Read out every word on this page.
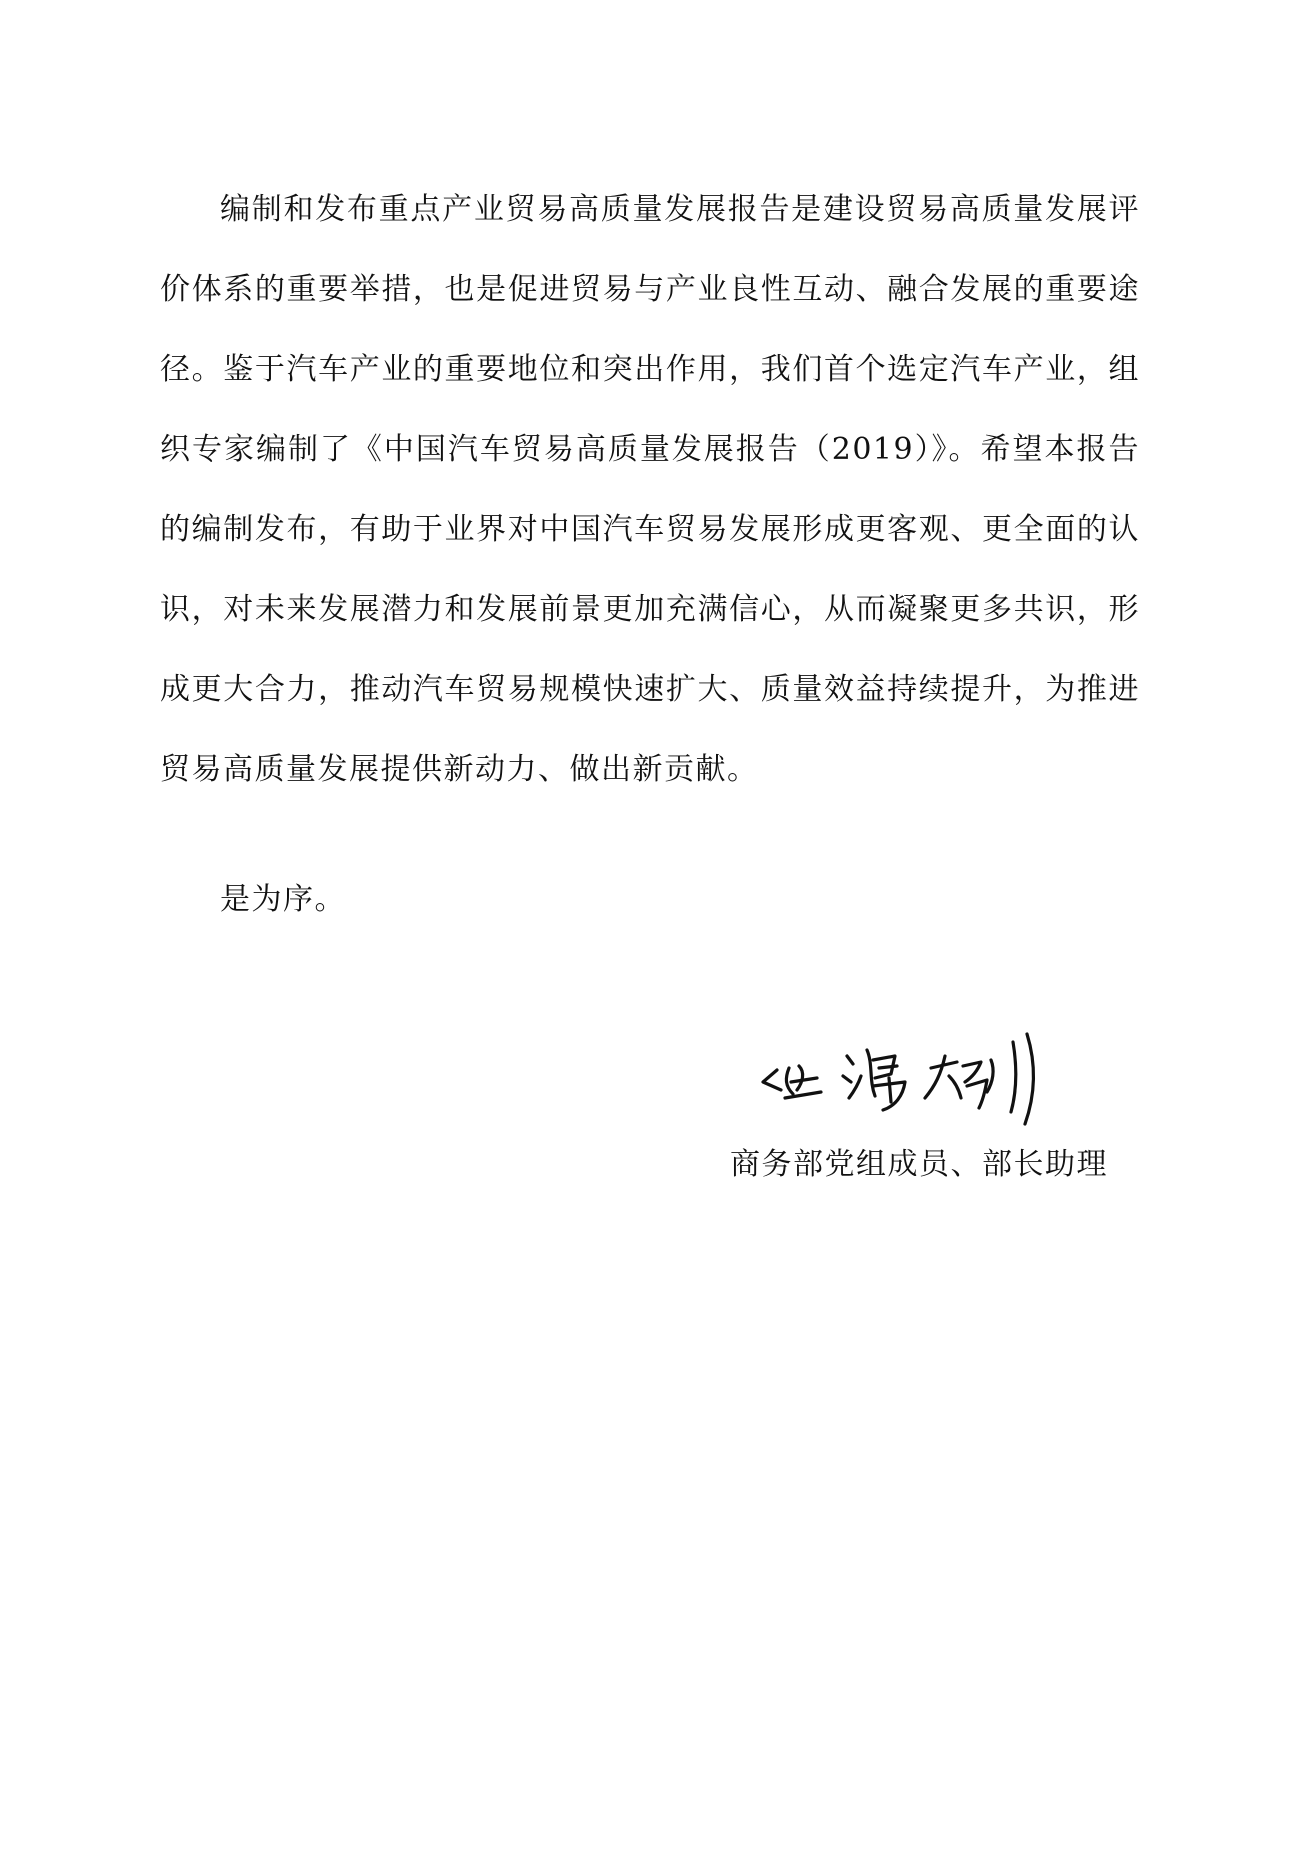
编制和发布重点产业贸易高质量发展报告是建设贸易高质量发展评价体系的重要举措，也是促进贸易与产业良性互动、融合发展的重要途径。鉴于汽车产业的重要地位和突出作用，我们首个选定汽车产业，组织专家编制了《中国汽车贸易高质量发展报告（2019）》。希望本报告的编制发布，有助于业界对中国汽车贸易发展形成更客观、更全面的认识，对未来发展潜力和发展前景更加充满信心，从而凝聚更多共识，形成更大合力，推动汽车贸易规模快速扩大、质量效益持续提升，为推进贸易高质量发展提供新动力、做出新贡献。

是为序。

商务部党组成员、部长助理
